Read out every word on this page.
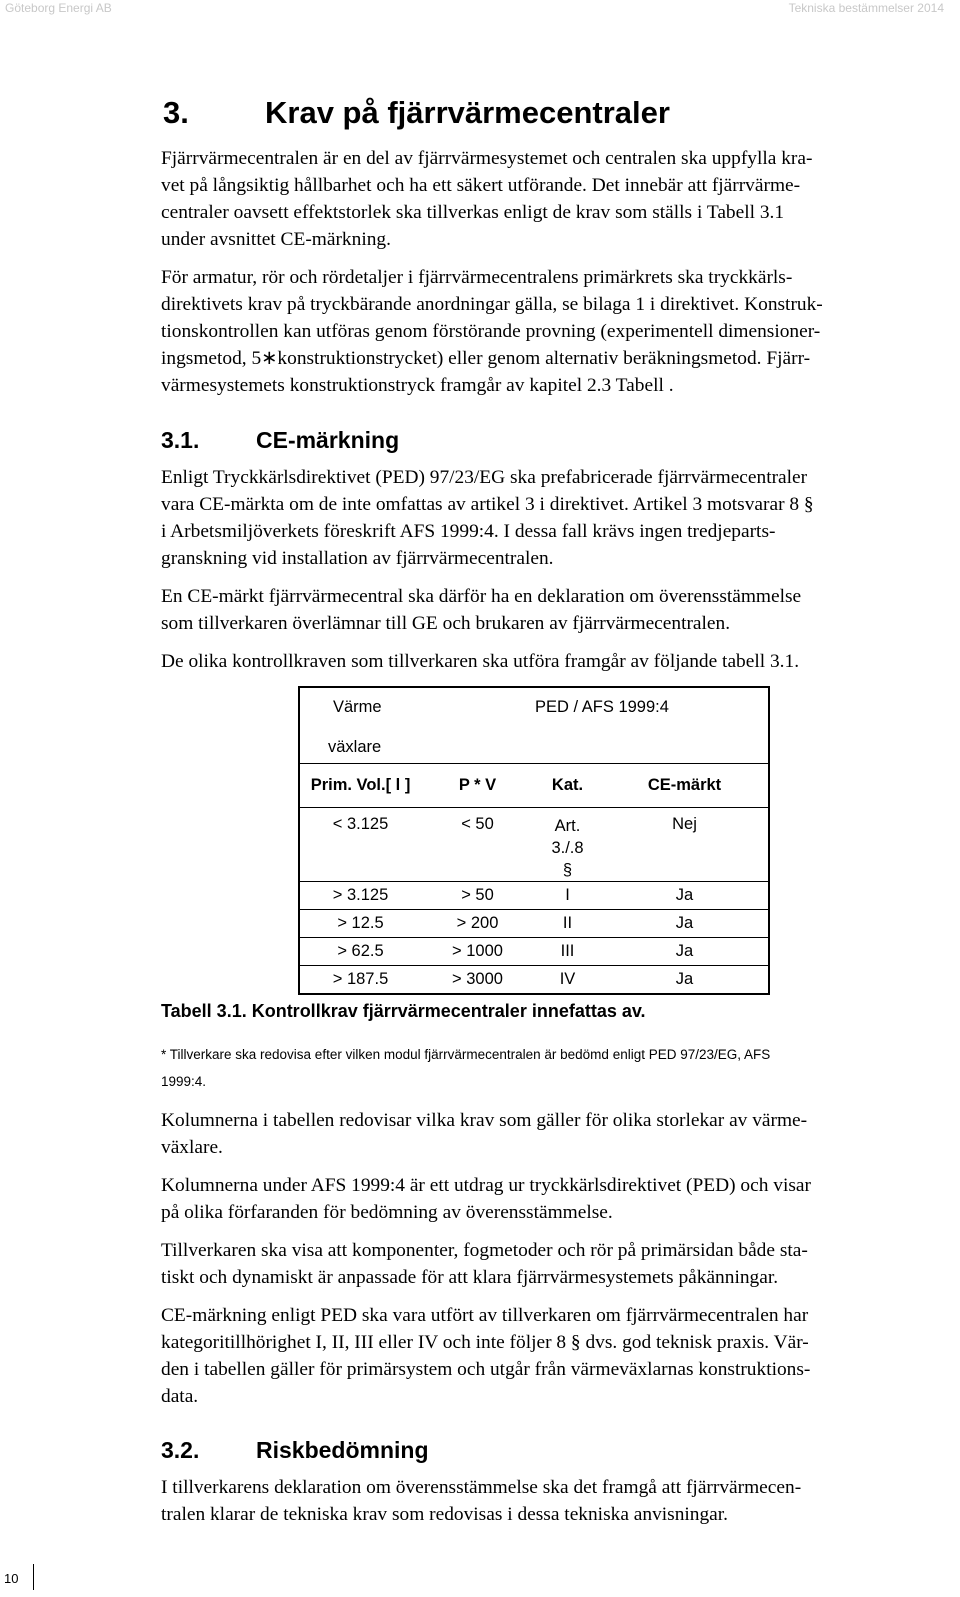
Göteborg Energi AB	Tekniska bestämmelser 2014
3. Krav på fjärrvärmecentraler

Fjärrvärmecentralen är en del av fjärrvärmesystemet och centralen ska uppfylla kra-

vet på långsiktig hållbarhet och ha ett säkert utförande. Det innebär att fjärrvärme-

centraler oavsett effektstorlek ska tillverkas enligt de krav som ställs i Tabell 3.1

under avsnittet CE-märkning.

För armatur, rör och rördetaljer i fjärrvärmecentralens primärkrets ska tryckkärls-

direktivets krav på tryckbärande anordningar gälla, se bilaga 1 i direktivet. Konstruk-

tionskontrollen kan utföras genom förstörande provning (experimentell dimensioner-

ingsmetod, 5∗konstruktionstrycket) eller genom alternativ beräkningsmetod. Fjärr-

värmesystemets konstruktionstryck framgår av kapitel 2.3 Tabell .

3.1. CE-märkning

Enligt Tryckkärlsdirektivet (PED) 97/23/EG ska prefabricerade fjärrvärmecentraler

vara CE-märkta om de inte omfattas av artikel 3 i direktivet. Artikel 3 motsvarar 8 §

i Arbetsmiljöverkets föreskrift AFS 1999:4. I dessa fall krävs ingen tredjeparts-

granskning vid installation av fjärrvärmecentralen.

En CE-märkt fjärrvärmecentral ska därför ha en deklaration om överensstämmelse

som tillverkaren överlämnar till GE och brukaren av fjärrvärmecentralen.

De olika kontrollkraven som tillverkaren ska utföra framgår av följande tabell 3.1.

Värme
växlare	PED / AFS 1999:4		

Prim. Vol.[ l ]	P * V	Kat.	CE-märkt
< 3.125	< 50	Art. 3./.8 §	Nej
> 3.125	> 50	I	Ja
> 12.5	> 200	II	Ja
> 62.5	> 1000	III	Ja
> 187.5	> 3000	IV	Ja
Tabell 3.1. Kontrollkrav fjärrvärmecentraler innefattas av.

* Tillverkare ska redovisa efter vilken modul fjärrvärmecentralen är bedömd enligt PED 97/23/EG, AFS

1999:4.

Kolumnerna i tabellen redovisar vilka krav som gäller för olika storlekar av värme-

växlare.

Kolumnerna under AFS 1999:4 är ett utdrag ur tryckkärlsdirektivet (PED) och visar

på olika förfaranden för bedömning av överensstämmelse.

Tillverkaren ska visa att komponenter, fogmetoder och rör på primärsidan både sta-

tiskt och dynamiskt är anpassade för att klara fjärrvärmesystemets påkänningar.

CE-märkning enligt PED ska vara utfört av tillverkaren om fjärrvärmecentralen har

kategoritillhörighet I, II, III eller IV och inte följer 8 § dvs. god teknisk praxis. Vär-

den i tabellen gäller för primärsystem och utgår från värmeväxlarnas konstruktions-

data.

3.2. Riskbedömning

I tillverkarens deklaration om överensstämmelse ska det framgå att fjärrvärmecen-

tralen klarar de tekniska krav som redovisas i dessa tekniska anvisningar.

10
